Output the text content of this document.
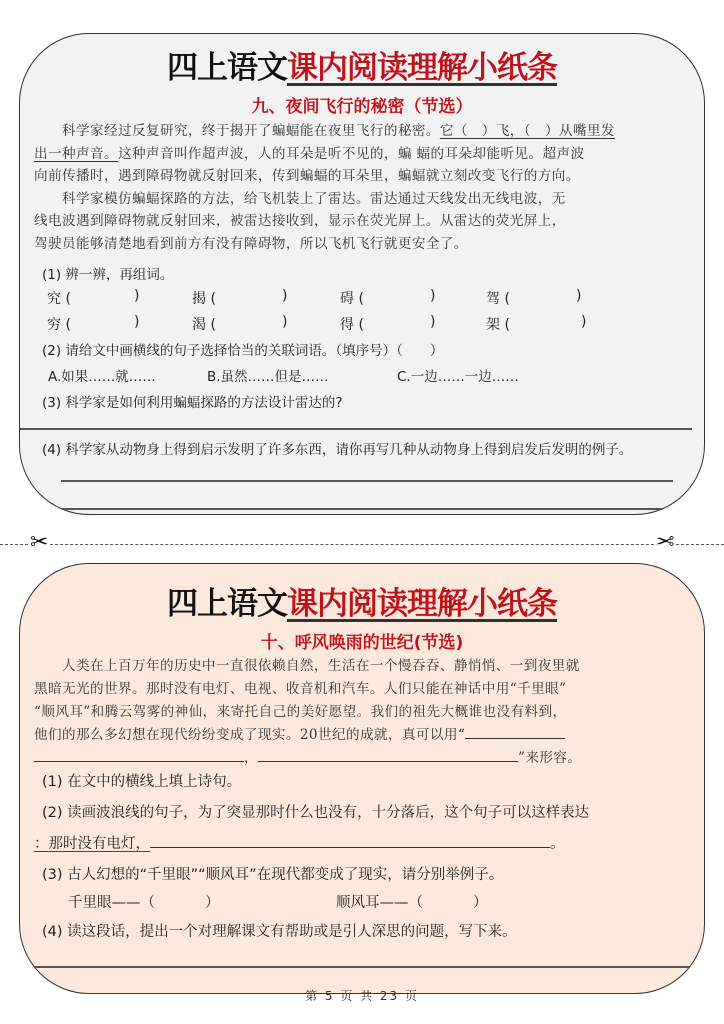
四上语文课内阅读理解小纸条
九、夜间飞行的秘密（节选）
科学家经过反复研究，终于揭开了蝙蝠能在夜里飞行的秘密。它（　）飞，（　）从嘴里发
出一种声音。这种声音叫作超声波，人的耳朵是听不见的，蝙 蝠的耳朵却能听见。超声波
向前传播时，遇到障碍物就反射回来，传到蝙蝠的耳朵里，蝙蝠就立刻改变飞行的方向。
科学家模仿蝙蝠探路的方法，给飞机装上了雷达。雷达通过天线发出无线电波，无
线电波遇到障碍物就反射回来，被雷达接收到，显示在荧光屏上。从雷达的荧光屏上，
驾驶员能够清楚地看到前方有没有障碍物，所以飞机飞行就更安全了。
(1) 辨一辨，再组词。
究 (	)	揭 (	)	碍 (	)	驾 (	)
穷 (	)	渴 (	)	得 (	)	架 (	)
(2) 请给文中画横线的句子选择恰当的关联词语。（填序号）（　　）
A.如果……就……	B.虽然……但是……	C.一边……一边……
(3) 科学家是如何利用蝙蝠探路的方法设计雷达的?
(4) 科学家从动物身上得到启示发明了许多东西，请你再写几种从动物身上得到启发后发明的例子。
✂	✂
四上语文课内阅读理解小纸条
十、呼风唤雨的世纪(节选)
人类在上百万年的历史中一直很依赖自然，生活在一个慢吞吞、静悄悄、一到夜里就
黑暗无光的世界。那时没有电灯、电视、收音机和汽车。人们只能在神话中用“千里眼”
“顺风耳”和腾云驾雾的神仙，来寄托自己的美好愿望。我们的祖先大概谁也没有料到，
他们的那么多幻想在现代纷纷变成了现实。20世纪的成就，真可以用“
，	”来形容。
(1) 在文中的横线上填上诗句。
(2) 读画波浪线的句子，为了突显那时什么也没有，十分落后，这个句子可以这样表达
：那时没有电灯，	。
(3) 古人幻想的“千里眼”“顺风耳”在现代都变成了现实，请分别举例子。
千里眼——（	）	顺风耳——（	）
(4) 读这段话，提出一个对理解课文有帮助或是引人深思的问题，写下来。
第 5 页 共 23 页
